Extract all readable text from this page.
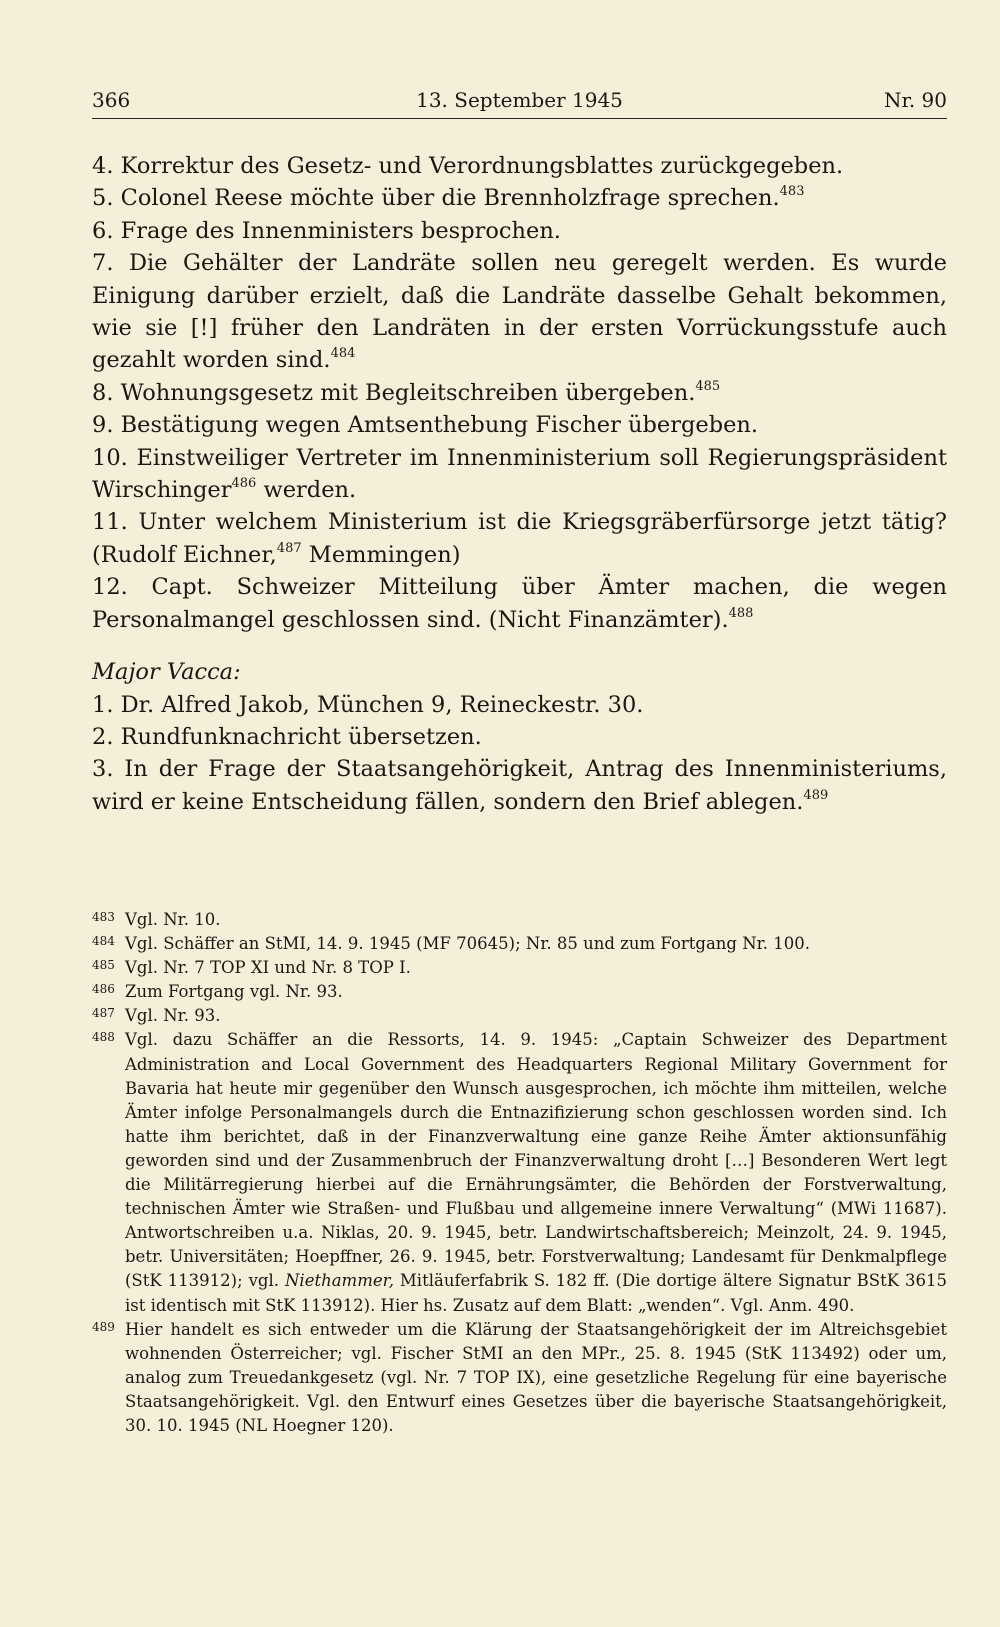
366	13. September 1945	Nr. 90

4. Korrektur des Gesetz- und Verordnungsblattes zurückgegeben.

5. Colonel Reese möchte über die Brennholzfrage sprechen.$^{483}$

6. Frage des Innenministers besprochen.

7. Die Gehälter der Landräte sollen neu geregelt werden. Es wurde Einigung darüber erzielt, daß die Landräte dasselbe Gehalt bekommen, wie sie [!] früher den Landräten in der ersten Vorrückungsstufe auch gezahlt worden sind.$^{484}$

8. Wohnungsgesetz mit Begleitschreiben übergeben.$^{485}$

9. Bestätigung wegen Amtsenthebung Fischer übergeben.

10. Einstweiliger Vertreter im Innenministerium soll Regierungspräsident Wirschinger$^{486}$ werden.

11. Unter welchem Ministerium ist die Kriegsgräberfürsorge jetzt tätig? (Rudolf Eichner,$^{487}$ Memmingen)

12. Capt. Schweizer Mitteilung über Ämter machen, die wegen Personalmangel geschlossen sind. (Nicht Finanzämter).$^{488}$

Major Vacca:

1. Dr. Alfred Jakob, München 9, Reineckestr. 30.

2. Rundfunknachricht übersetzen.

3. In der Frage der Staatsangehörigkeit, Antrag des Innenministeriums, wird er keine Entscheidung fällen, sondern den Brief ablegen.$^{489}$

483 Vgl. Nr. 10.
484 Vgl. Schäffer an StMI, 14. 9. 1945 (MF 70645); Nr. 85 und zum Fortgang Nr. 100.
485 Vgl. Nr. 7 TOP XI und Nr. 8 TOP I.
486 Zum Fortgang vgl. Nr. 93.
487 Vgl. Nr. 93.
488 Vgl. dazu Schäffer an die Ressorts, 14. 9. 1945: „Captain Schweizer des Department Administration and Local Government des Headquarters Regional Military Government for Bavaria hat heute mir gegenüber den Wunsch ausgesprochen, ich möchte ihm mitteilen, welche Ämter infolge Personalmangels durch die Entnazifizierung schon geschlossen worden sind. Ich hatte ihm berichtet, daß in der Finanzverwaltung eine ganze Reihe Ämter aktionsunfähig geworden sind und der Zusammenbruch der Finanzverwaltung droht […] Besonderen Wert legt die Militärregierung hierbei auf die Ernährungsämter, die Behörden der Forstverwaltung, technischen Ämter wie Straßen- und Flußbau und allgemeine innere Verwaltung“ (MWi 11687). Antwortschreiben u.a. Niklas, 20. 9. 1945, betr. Landwirtschaftsbereich; Meinzolt, 24. 9. 1945, betr. Universitäten; Hoepffner, 26. 9. 1945, betr. Forstverwaltung; Landesamt für Denkmalpflege (StK 113912); vgl. Niethammer, Mitläuferfabrik S. 182 ff. (Die dortige ältere Signatur BStK 3615 ist identisch mit StK 113912). Hier hs. Zusatz auf dem Blatt: „wenden“. Vgl. Anm. 490.
489 Hier handelt es sich entweder um die Klärung der Staatsangehörigkeit der im Altreichsgebiet wohnenden Österreicher; vgl. Fischer StMI an den MPr., 25. 8. 1945 (StK 113492) oder um, analog zum Treuedankgesetz (vgl. Nr. 7 TOP IX), eine gesetzliche Regelung für eine bayerische Staatsangehörigkeit. Vgl. den Entwurf eines Gesetzes über die bayerische Staatsangehörigkeit, 30. 10. 1945 (NL Hoegner 120).
